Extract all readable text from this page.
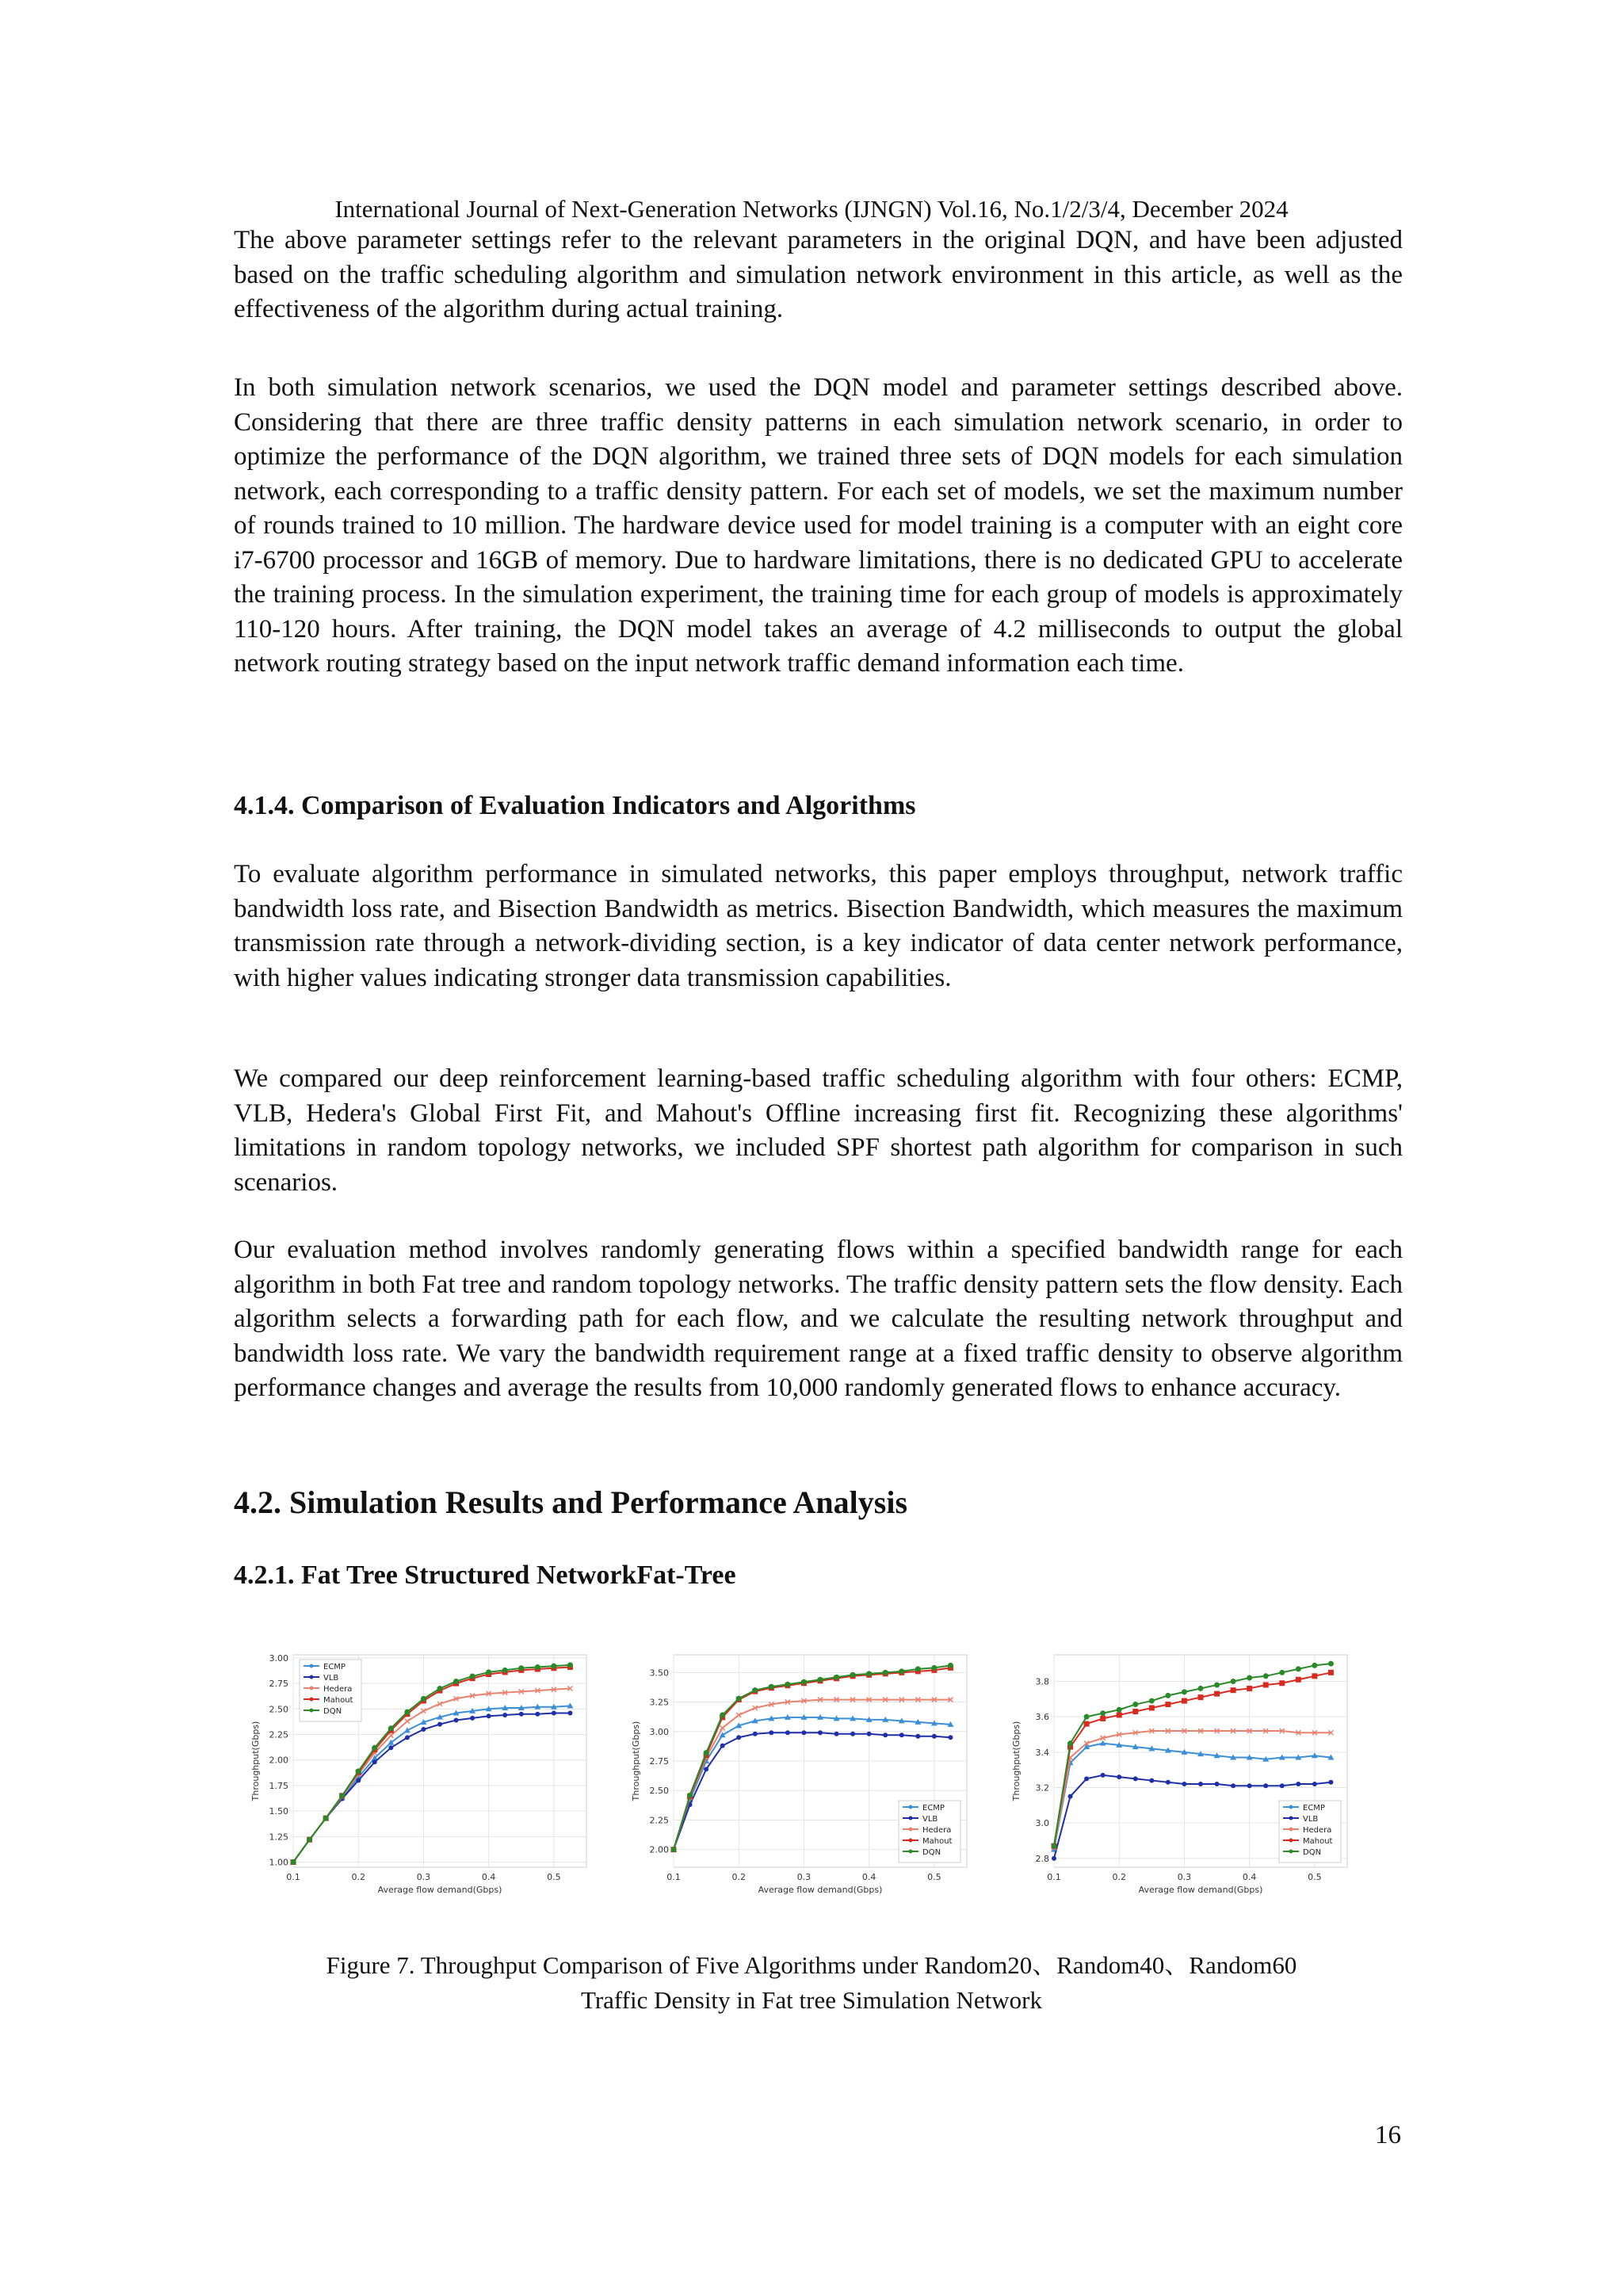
International Journal of Next-Generation Networks (IJNGN) Vol.16, No.1/2/3/4, December 2024

The above parameter settings refer to the relevant parameters in the original DQN, and have been adjusted based on the traffic scheduling algorithm and simulation network environment in this article, as well as the effectiveness of the algorithm during actual training.

In both simulation network scenarios, we used the DQN model and parameter settings described above. Considering that there are three traffic density patterns in each simulation network scenario, in order to optimize the performance of the DQN algorithm, we trained three sets of DQN models for each simulation network, each corresponding to a traffic density pattern. For each set of models, we set the maximum number of rounds trained to 10 million. The hardware device used for model training is a computer with an eight core i7-6700 processor and 16GB of memory. Due to hardware limitations, there is no dedicated GPU to accelerate the training process. In the simulation experiment, the training time for each group of models is approximately 110-120 hours. After training, the DQN model takes an average of 4.2 milliseconds to output the global network routing strategy based on the input network traffic demand information each time.

4.1.4. Comparison of Evaluation Indicators and Algorithms

To evaluate algorithm performance in simulated networks, this paper employs throughput, network traffic bandwidth loss rate, and Bisection Bandwidth as metrics. Bisection Bandwidth, which measures the maximum transmission rate through a network-dividing section, is a key indicator of data center network performance, with higher values indicating stronger data transmission capabilities.

We compared our deep reinforcement learning-based traffic scheduling algorithm with four others: ECMP, VLB, Hedera's Global First Fit, and Mahout's Offline increasing first fit. Recognizing these algorithms' limitations in random topology networks, we included SPF shortest path algorithm for comparison in such scenarios.

Our evaluation method involves randomly generating flows within a specified bandwidth range for each algorithm in both Fat tree and random topology networks. The traffic density pattern sets the flow density. Each algorithm selects a forwarding path for each flow, and we calculate the resulting network throughput and bandwidth loss rate. We vary the bandwidth requirement range at a fixed traffic density to observe algorithm performance changes and average the results from 10,000 randomly generated flows to enhance accuracy.

4.2. Simulation Results and Performance Analysis
4.2.1. Fat Tree Structured NetworkFat-Tree
1.00
1.25
1.50
1.75
2.00
2.25
2.50
2.75
3.00
0.1	0.2	0.3	0.4	0.5
Average flow demand(Gbps)
Throughput(Gbps)
ECMP
VLB
Hedera
Mahout
DQN
2.00
2.25
2.50
2.75
3.00
3.25
3.50
0.1	0.2	0.3	0.4	0.5
Average flow demand(Gbps)
Throughput(Gbps)
ECMP
VLB
Hedera
Mahout
DQN
2.8
3.0
3.2
3.4
3.6
3.8
0.1	0.2	0.3	0.4	0.5
Average flow demand(Gbps)
Throughput(Gbps)
ECMP
VLB
Hedera
Mahout
DQN
Figure 7. Throughput Comparison of Five Algorithms under Random20、Random40、Random60
Traffic Density in Fat tree Simulation Network
16
